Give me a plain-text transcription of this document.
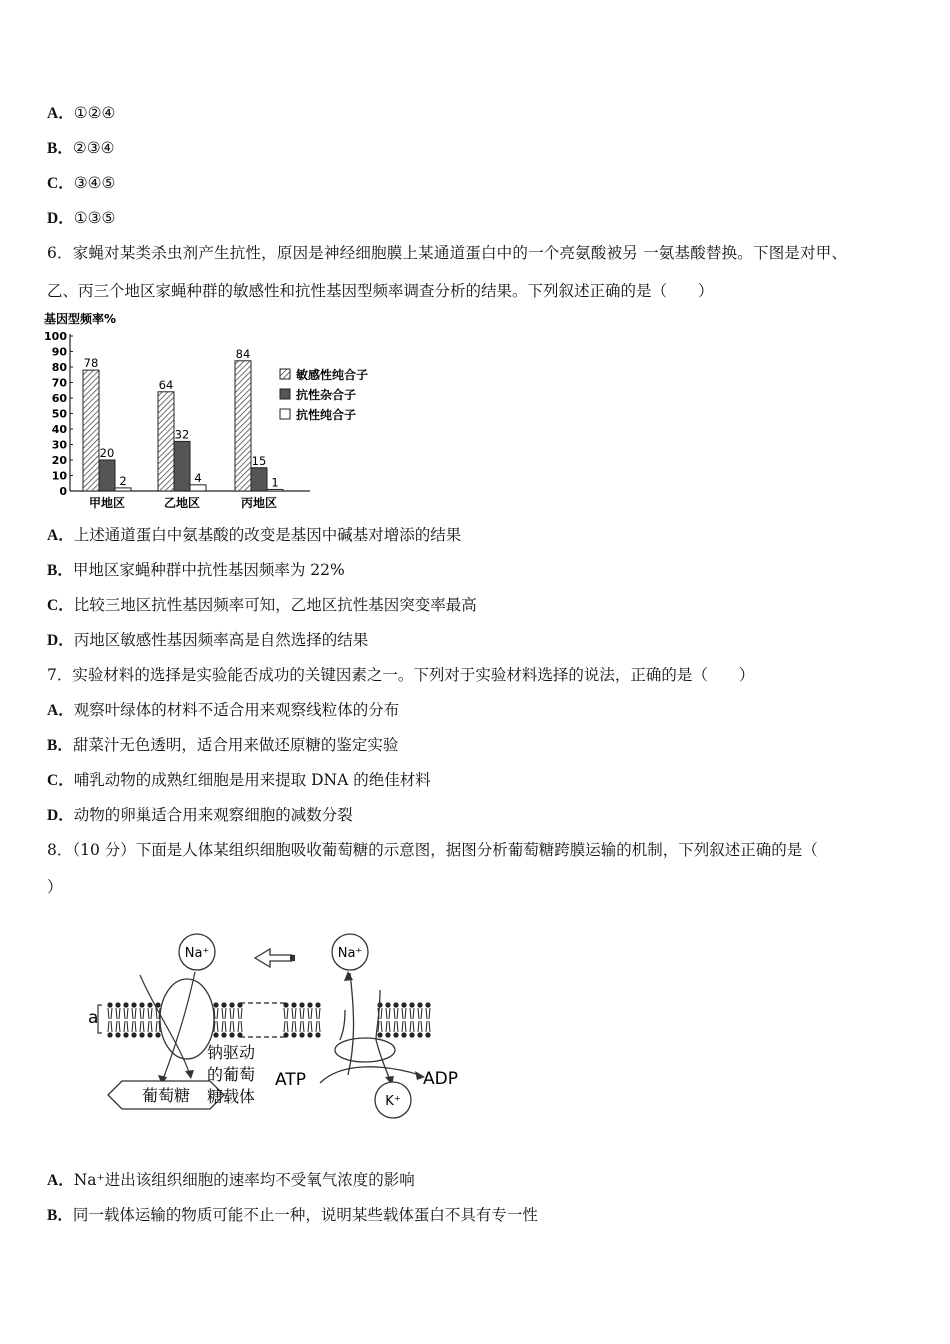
A．①②④
B．②③④
C．③④⑤
D．①③⑤
6．家蝇对某类杀虫剂产生抗性，原因是神经细胞膜上某通道蛋白中的一个亮氨酸被另 一氨基酸替换。下图是对甲、
乙、丙三个地区家蝇种群的敏感性和抗性基因型频率调查分析的结果。下列叙述正确的是（　　）
基因型频率%
0
10
20
30
40
50
60
70
80
90
100
78
20
2
甲地区
64
32
4
乙地区
84
15
1
丙地区
敏感性纯合子
抗性杂合子
抗性纯合子
A．上述通道蛋白中氨基酸的改变是基因中碱基对增添的结果
B．甲地区家蝇种群中抗性基因频率为 22%
C．比较三地区抗性基因频率可知，乙地区抗性基因突变率最高
D．丙地区敏感性基因频率高是自然选择的结果
7．实验材料的选择是实验能否成功的关键因素之一。下列对于实验材料选择的说法，正确的是（　　）
A．观察叶绿体的材料不适合用来观察线粒体的分布
B．甜菜汁无色透明，适合用来做还原糖的鉴定实验
C．哺乳动物的成熟红细胞是用来提取 DNA 的绝佳材料
D．动物的卵巢适合用来观察细胞的减数分裂
8．（10 分）下面是人体某组织细胞吸收葡萄糖的示意图，据图分析葡萄糖跨膜运输的机制，下列叙述正确的是（
）
a
Na⁺	Na⁺
ATP	ADP
K⁺
葡萄糖
钠驱动
的葡萄
糖载体
A．Na⁺进出该组织细胞的速率均不受氧气浓度的影响
B．同一载体运输的物质可能不止一种，说明某些载体蛋白不具有专一性
